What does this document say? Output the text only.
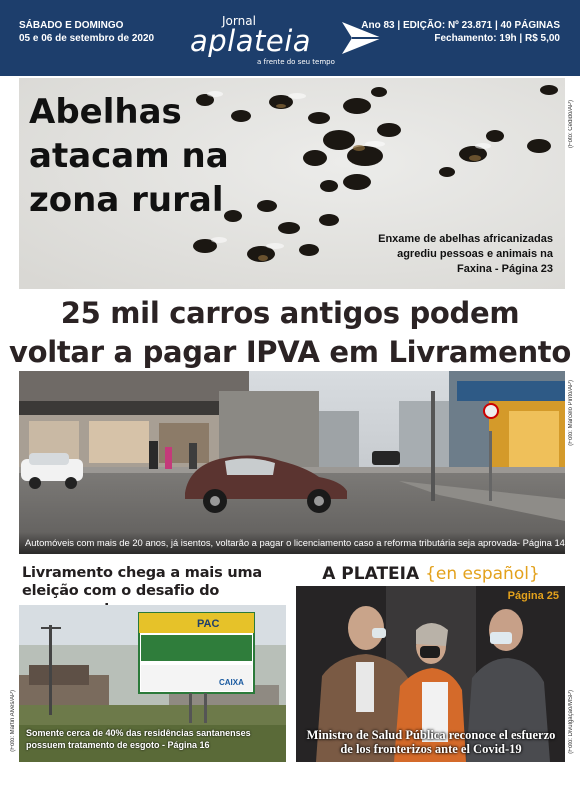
SÁBADO E DOMINGO
05 e 06 de setembro de 2020
Jornal
aplateia
a frente do seu tempo
Ano 83 | EDIÇÃO: Nº 23.871 | 40 PÁGINAS
Fechamento: 19h | R$ 5,00
Abelhas
atacam na
zona rural
Enxame de abelhas africanizadas
agrediu pessoas e animais na
Faxina - Página 23
(Foto: Cedido/AP)
25 mil carros antigos podem
voltar a pagar IPVA em Livramento
Automóveis com mais de 20 anos, já isentos, voltarão a pagar o licenciamento caso a reforma tributária seja aprovada- Página 14
(Foto: Marcelo Pinto/AP)
Livramento chega a mais uma
eleição com o desafio do
PAC
CAIXA
Somente cerca de 40% das residências santanenses possuem tratamento de esgoto - Página 16
(Foto: Martin Alves/AP)
A PLATEIA {en español}
Página 25
Ministro de Salud Pública reconoce el esfuerzo de los fronterizos ante el Covid-19	(Foto: Divulgação/MSP)
